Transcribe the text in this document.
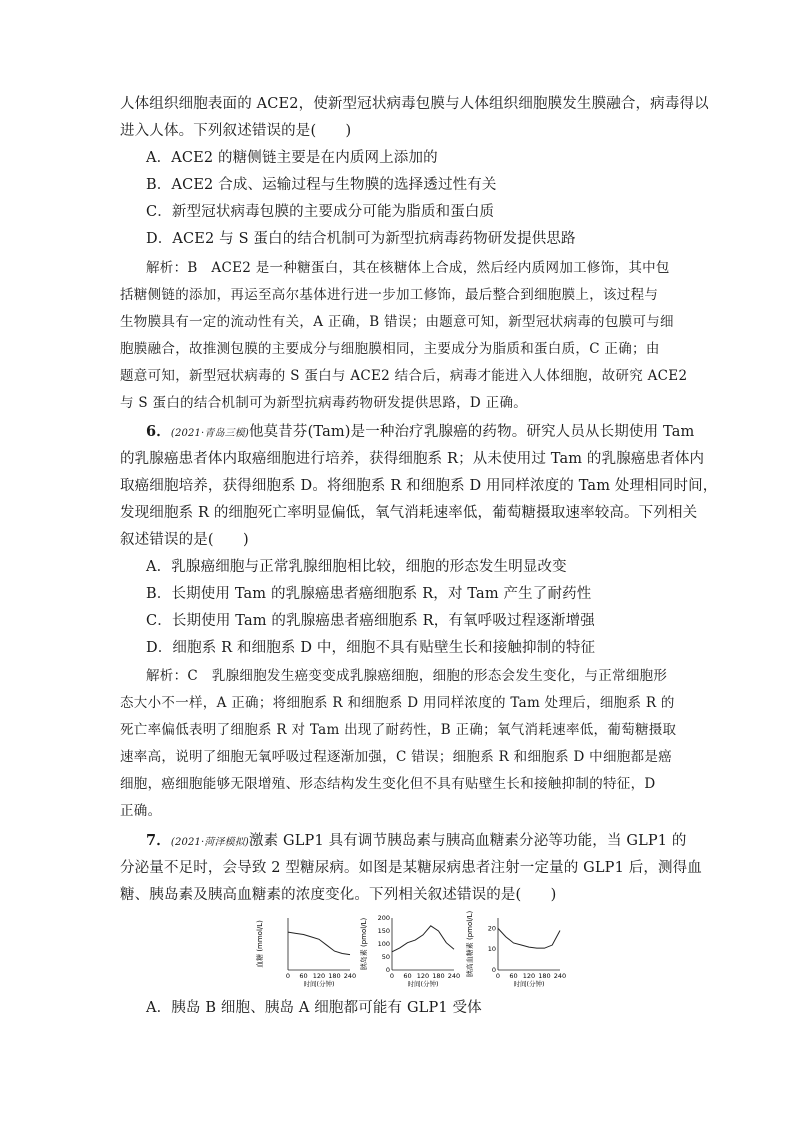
人体组织细胞表面的 ACE2，使新型冠状病毒包膜与人体组织细胞膜发生膜融合，病毒得以
进入人体。下列叙述错误的是(　　)
A．ACE2 的糖侧链主要是在内质网上添加的
B．ACE2 合成、运输过程与生物膜的选择透过性有关
C．新型冠状病毒包膜的主要成分可能为脂质和蛋白质
D．ACE2 与 S 蛋白的结合机制可为新型抗病毒药物研发提供思路
解析：B　ACE2 是一种糖蛋白，其在核糖体上合成，然后经内质网加工修饰，其中包
括糖侧链的添加，再运至高尔基体进行进一步加工修饰，最后整合到细胞膜上，该过程与
生物膜具有一定的流动性有关，A 正确，B 错误；由题意可知，新型冠状病毒的包膜可与细
胞膜融合，故推测包膜的主要成分与细胞膜相同，主要成分为脂质和蛋白质，C 正确；由
题意可知，新型冠状病毒的 S 蛋白与 ACE2 结合后，病毒才能进入人体细胞，故研究 ACE2
与 S 蛋白的结合机制可为新型抗病毒药物研发提供思路，D 正确。
6．(2021·青岛三模)他莫昔芬(Tam)是一种治疗乳腺癌的药物。研究人员从长期使用 Tam
的乳腺癌患者体内取癌细胞进行培养，获得细胞系 R；从未使用过 Tam 的乳腺癌患者体内
取癌细胞培养，获得细胞系 D。将细胞系 R 和细胞系 D 用同样浓度的 Tam 处理相同时间，
发现细胞系 R 的细胞死亡率明显偏低，氧气消耗速率低，葡萄糖摄取速率较高。下列相关
叙述错误的是(　　)
A．乳腺癌细胞与正常乳腺细胞相比较，细胞的形态发生明显改变
B．长期使用 Tam 的乳腺癌患者癌细胞系 R，对 Tam 产生了耐药性
C．长期使用 Tam 的乳腺癌患者癌细胞系 R，有氧呼吸过程逐渐增强
D．细胞系 R 和细胞系 D 中，细胞不具有贴壁生长和接触抑制的特征
解析：C　乳腺细胞发生癌变变成乳腺癌细胞，细胞的形态会发生变化，与正常细胞形
态大小不一样，A 正确；将细胞系 R 和细胞系 D 用同样浓度的 Tam 处理后，细胞系 R 的
死亡率偏低表明了细胞系 R 对 Tam 出现了耐药性，B 正确；氧气消耗速率低，葡萄糖摄取
速率高，说明了细胞无氧呼吸过程逐渐加强，C 错误；细胞系 R 和细胞系 D 中细胞都是癌
细胞，癌细胞能够无限增殖、形态结构发生变化但不具有贴壁生长和接触抑制的特征，D
正确。
7．(2021·菏泽模拟)激素 GLP1 具有调节胰岛素与胰高血糖素分泌等功能，当 GLP1 的
分泌量不足时，会导致 2 型糖尿病。如图是某糖尿病患者注射一定量的 GLP1 后，测得血
糖、胰岛素及胰高血糖素的浓度变化。下列相关叙述错误的是(　　)
血糖 (mmol/L)
0 60 120 180 240
时间(分钟)
胰岛素 (pmol/L)	0
50
100
150
200
0 60 120 180 240
时间(分钟)
胰高血糖素 (pmol/L)	0
10
20
0 60 120 180 240
时间(分钟)
A．胰岛 B 细胞、胰岛 A 细胞都可能有 GLP1 受体
